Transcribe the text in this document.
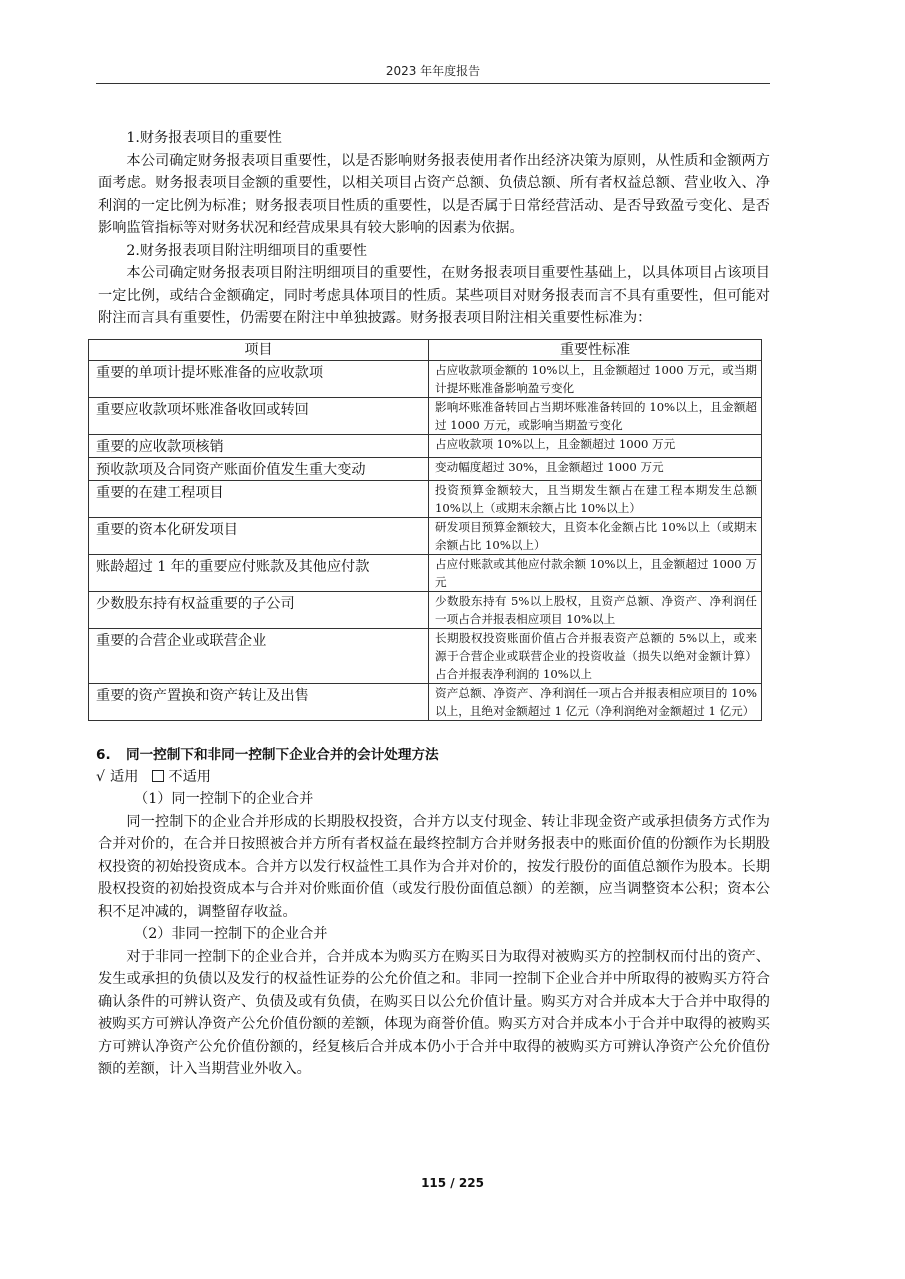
2023 年年度报告

1.财务报表项目的重要性

本公司确定财务报表项目重要性，以是否影响财务报表使用者作出经济决策为原则，从性质和金额两方面考虑。财务报表项目金额的重要性，以相关项目占资产总额、负债总额、所有者权益总额、营业收入、净利润的一定比例为标准；财务报表项目性质的重要性，以是否属于日常经营活动、是否导致盈亏变化、是否影响监管指标等对财务状况和经营成果具有较大影响的因素为依据。

2.财务报表项目附注明细项目的重要性

本公司确定财务报表项目附注明细项目的重要性，在财务报表项目重要性基础上，以具体项目占该项目一定比例，或结合金额确定，同时考虑具体项目的性质。某些项目对财务报表而言不具有重要性，但可能对附注而言具有重要性，仍需要在附注中单独披露。财务报表项目附注相关重要性标准为：

项目	重要性标准
重要的单项计提坏账准备的应收款项	占应收款项金额的 10%以上，且金额超过 1000 万元，或当期计提坏账准备影响盈亏变化
重要应收款项坏账准备收回或转回	影响坏账准备转回占当期坏账准备转回的 10%以上，且金额超过 1000 万元，或影响当期盈亏变化
重要的应收款项核销	占应收款项 10%以上，且金额超过 1000 万元
预收款项及合同资产账面价值发生重大变动	变动幅度超过 30%，且金额超过 1000 万元
重要的在建工程项目	投资预算金额较大，且当期发生额占在建工程本期发生总额 10%以上（或期末余额占比 10%以上）
重要的资本化研发项目	研发项目预算金额较大，且资本化金额占比 10%以上（或期末余额占比 10%以上）
账龄超过 1 年的重要应付账款及其他应付款	占应付账款或其他应付款余额 10%以上，且金额超过 1000 万元
少数股东持有权益重要的子公司	少数股东持有 5%以上股权，且资产总额、净资产、净利润任一项占合并报表相应项目 10%以上
重要的合营企业或联营企业	长期股权投资账面价值占合并报表资产总额的 5%以上，或来源于合营企业或联营企业的投资收益（损失以绝对金额计算）占合并报表净利润的 10%以上
重要的资产置换和资产转让及出售	资产总额、净资产、净利润任一项占合并报表相应项目的 10%以上，且绝对金额超过 1 亿元（净利润绝对金额超过 1 亿元）
6. 同一控制下和非同一控制下企业合并的会计处理方法
√ 适用 不适用

（1）同一控制下的企业合并

同一控制下的企业合并形成的长期股权投资，合并方以支付现金、转让非现金资产或承担债务方式作为合并对价的，在合并日按照被合并方所有者权益在最终控制方合并财务报表中的账面价值的份额作为长期股权投资的初始投资成本。合并方以发行权益性工具作为合并对价的，按发行股份的面值总额作为股本。长期股权投资的初始投资成本与合并对价账面价值（或发行股份面值总额）的差额，应当调整资本公积；资本公积不足冲减的，调整留存收益。

（2）非同一控制下的企业合并

对于非同一控制下的企业合并，合并成本为购买方在购买日为取得对被购买方的控制权而付出的资产、发生或承担的负债以及发行的权益性证券的公允价值之和。非同一控制下企业合并中所取得的被购买方符合确认条件的可辨认资产、负债及或有负债，在购买日以公允价值计量。购买方对合并成本大于合并中取得的被购买方可辨认净资产公允价值份额的差额，体现为商誉价值。购买方对合并成本小于合并中取得的被购买方可辨认净资产公允价值份额的，经复核后合并成本仍小于合并中取得的被购买方可辨认净资产公允价值份额的差额，计入当期营业外收入。

115 / 225
